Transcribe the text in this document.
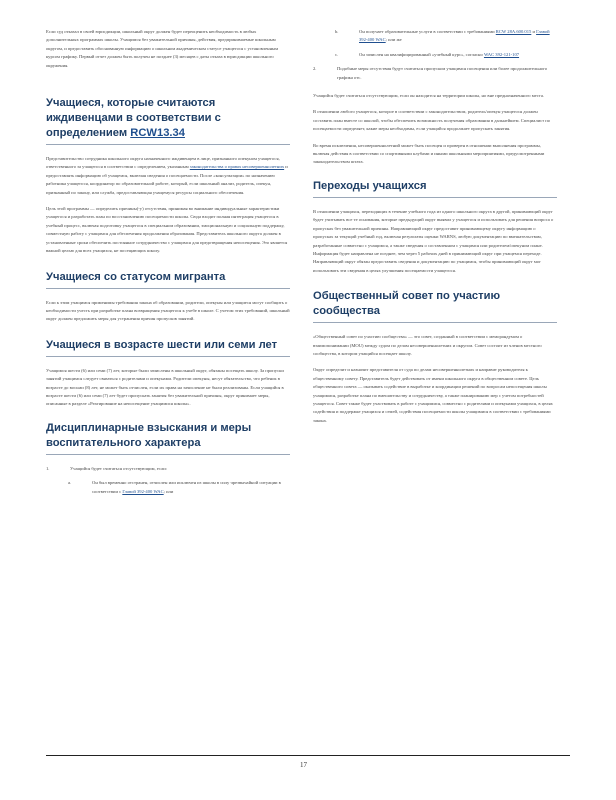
Если суд отказал в своей юрисдикции, школьный округ должен будет переоценить необходимость в любых дополнительных программах школы. Учащимся без уважительной причины, действия, предпринимаемые школьным округом, и предоставить обоснованную информацию о школьном академическом статусе учащегося с установленным курсом графику. Первый отчет должен быть получен не позднее (3) месяцев с даты отказа в юрисдикции школьного окружения.

Учащиеся, которые считаются иждивенцами в соответствии с определением RCW13.34

Представительство сотрудника школьного округа назначенного иждивенцем в лице, признанного опекуном учащегося, ответственного за учащегося в соответствии с определением, указанным законодательства о правах несовершеннолетних и предоставлять информацию об учащемся, включая сведения о посещаемости. После «консультации» по назначению работника учащегося, координатор по образовательной работе, который, если школьный анализ, родитель, опекун, признанный по закону, или служба, предоставляющая учащемуся ресурсы социального обеспечения.

Цель этой программы — определить причины(-у) отсутствия, принимая во внимание индивидуальные характеристики учащегося и разработать план по восстановлению посещаемости школы. Сюда входит полная интеграция учащегося в учебный процесс, включая подготовку учащегося в специальном образовании, эмоциональную и социальную поддержку, совместную работу с учащимся для обеспечения продолжения образования. Представитель школьного округа должен в установленные сроки обеспечить постоянное сотрудничество с учащимся для предотвращения непосещения. Это является важной целью для всех учащихся, не посещающих школу.

Учащиеся со статусом мигранта

Если к этим учащимся применимы требования закона об образовании, родители, опекуны или учащиеся могут сообщить о необходимости учесть при разработке плана возвращения учащегося к учебе в школе. С учетом этих требований, школьный округ должен предложить меры для устранения причин пропусков занятий.

Учащиеся в возрасте шести или семи лет

Учащимся шести (6) или семи (7) лет, которые были зачислены в школьный округ, обязаны посещать школу. За пропуски занятий учащимся следует связаться с родителями и опекунами. Родители опекуны, несут обязательство, что ребенок в возрасте до восьми (8) лет, не может быть отчислен, если их права на зачисление не были реализованы. Если учащийся в возрасте шести (6) или семи (7) лет будет пропускать занятия без уважительной причины, округ принимает меры, описанные в разделе «Реагирование на непосещение учащимися школы».

Дисциплинарные взыскания и меры воспитательного характера
1.	Учащийся будет считаться отсутствующим, если:
a.	Он был временно отстранен, отчислен или исключен из школы в силу чрезвычайной ситуации в соответствии с Главой 392-400 WAC; или
b.	Он получает образовательные услуги в соответствии с требованиями RCW 28A.600.015 и Главой 392-400 WAC; или же
c.	Он зачислен на квалифицированный «учебный курс», согласно WAC 392-121-107
2.	Подобные меры отсутствия будут считаться пропуском учащимся посещения или более продолжительного графика отс.

Учащийся будет считаться отсутствующим, если он находится на территории школы, но вне предназначенного места.

В отношении любого учащегося, которое в соответствии с законодательством, родитель/опекун учащегося должен составить план вместе со школой, чтобы обеспечить возможность получения образования в дальнейшем. Специалист по посещаемости определяет, какие меры необходимы, если учащийся продолжает пропускать занятия.

Во время исключения, несовершеннолетний может быть посещен и проверен в отношении выполнения программы, включая действия в соответствии со спортивными клубами и иными школьными мероприятиями, предусмотренными законодательством штата.

Переходы учащихся

В отношении учащихся, переходящих в течение учебного года из одного школьного округа в другой, принимающий округ будет учитывать все те основания, которые предыдущий округ выявил у учащегося и использовать для решения вопроса о пропусках без уважительной причины. Направляющий округ предоставит принимающему округу информацию о пропусках за текущий учебный год, включая результаты оценки WARNS, любую документацию по вмешательствам, разработанные совместно с учащимся, а также сведения о составленном с учащимся или родителем/опекуном плане. Информация будет направлена не позднее, чем через 5 рабочих дней в принимающий округ при учащемся переходе. Направляющий округ обязан предоставить сведения и документацию по учащимся, чтобы принимающий округ мог использовать эти сведения в целях улучшения посещаемости учащегося.

Общественный совет по участию сообщества

«Общественный совет по участию сообщества» — это совет, созданный в соответствии с меморандумом о взаимопонимании (MOU) между судом по делам несовершеннолетних и округом. Совет состоит из членов местного сообщества, в котором учащийся посещает школу.

Округ определит и назначит представителя от суда по делам несовершеннолетних и направит руководителя к общественному совету. Представитель будет действовать от имени школьного округа в общественном совете. Цель общественного совета — оказывать содействие в выработке и координации решений по вопросам непосещения школы учащимися, разработке плана по вмешательству и сотрудничеству, а также планированию мер с учетом потребностей учащегося. Совет также будет участвовать в работе с учащимися, совместно с родителями и опекунами учащихся, в целях содействия и поддержке учащихся и семей, содействия посещаемости школы учащимися в соответствии с требованиями закона.

17
